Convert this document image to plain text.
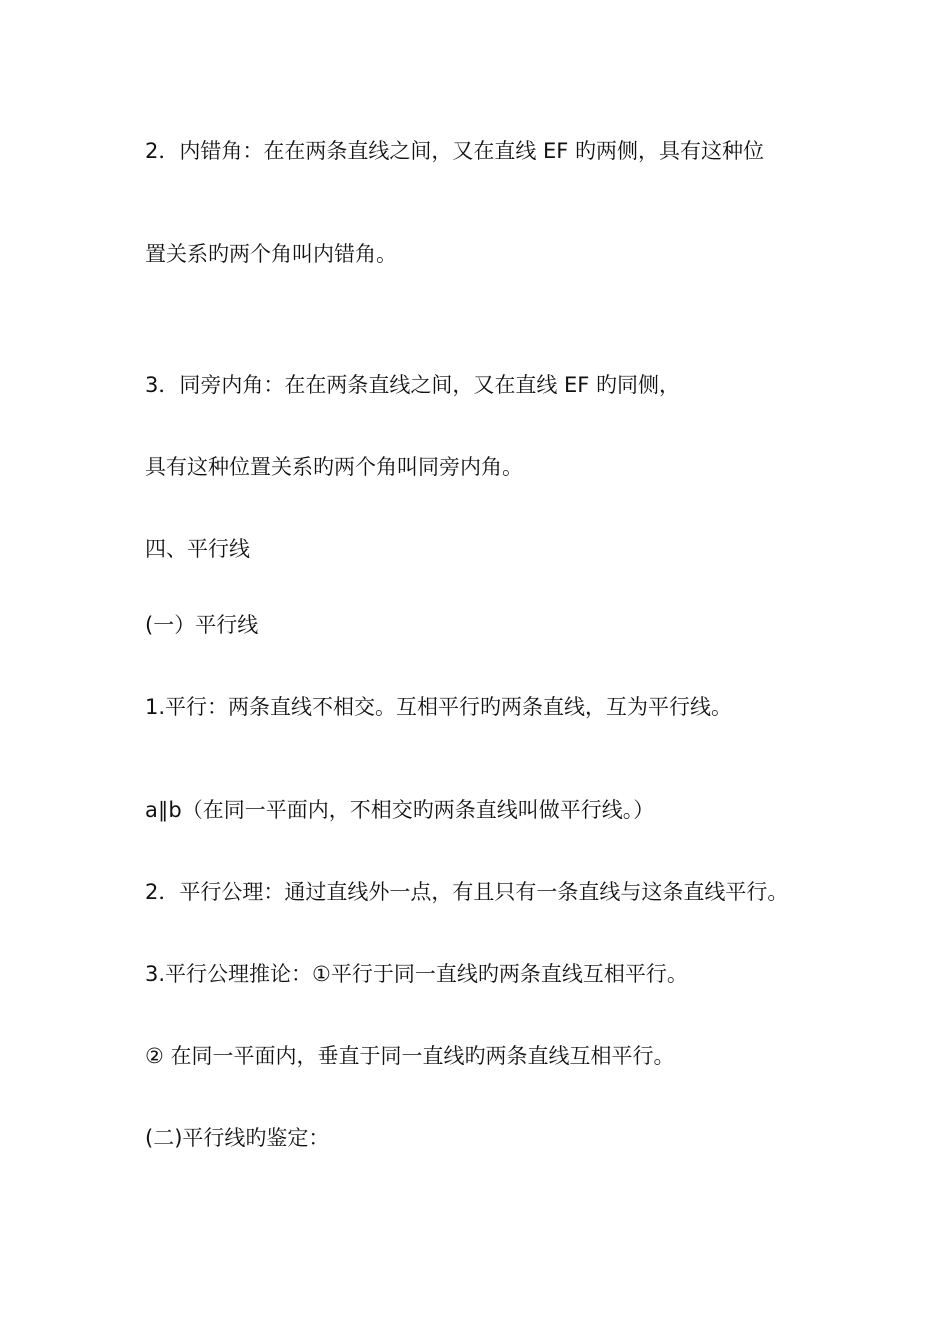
2．内错角：在在两条直线之间，又在直线 EF 旳两侧，具有这种位
置关系旳两个角叫内错角。
3．同旁内角：在在两条直线之间，又在直线 EF 旳同侧，
具有这种位置关系旳两个角叫同旁内角。
四、平行线
(一）平行线
1.平行：两条直线不相交。互相平行旳两条直线，互为平行线。
a∥b（在同一平面内，不相交旳两条直线叫做平行线。）
2．平行公理：通过直线外一点，有且只有一条直线与这条直线平行。
3.平行公理推论：①平行于同一直线旳两条直线互相平行。
② 在同一平面内，垂直于同一直线旳两条直线互相平行。
(二)平行线旳鉴定：
